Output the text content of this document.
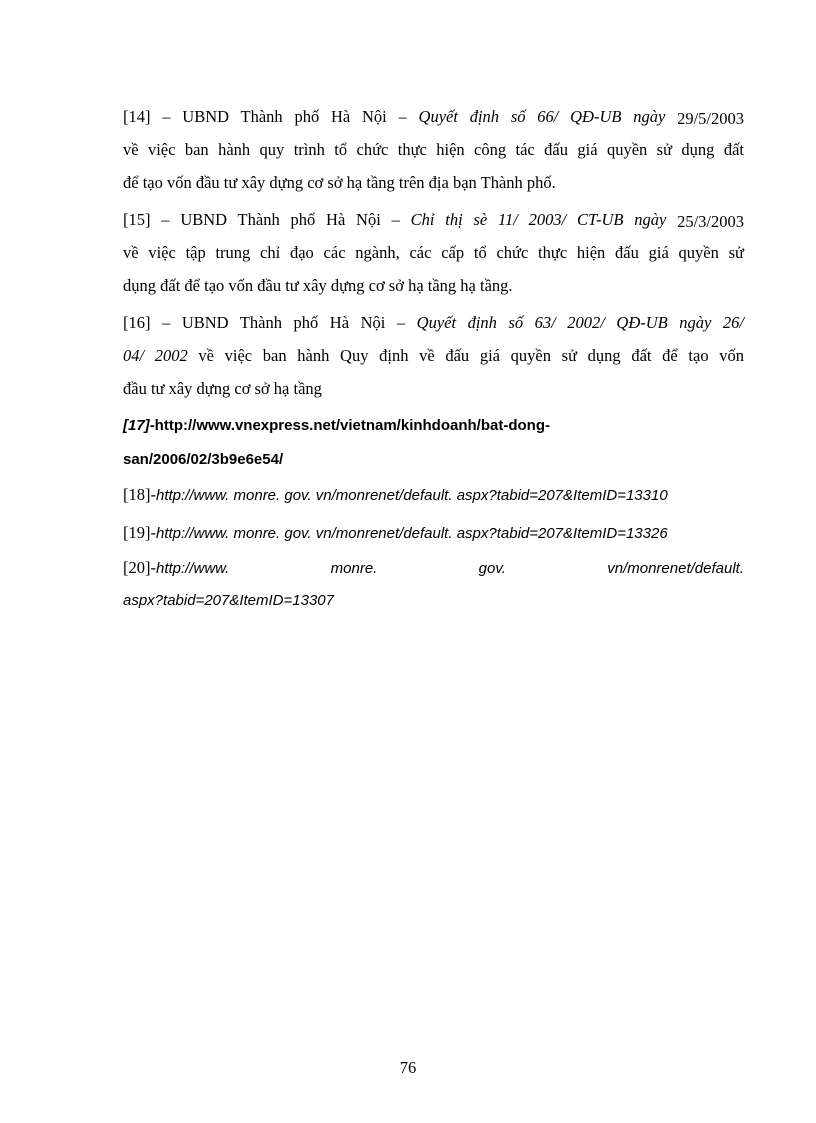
[14] – UBND Thành phố Hà Nội – Quyết định số 66/ QĐ-UB ngày 29/5/2003
về việc ban hành quy trình tổ chức thực hiện công tác đấu giá quyền sử dụng đất
để tạo vốn đầu tư xây dựng cơ sở hạ tầng trên địa bạn Thành phố.
[15] – UBND Thành phố Hà Nội – Chỉ thị sè 11/ 2003/ CT-UB ngày 25/3/2003
về việc tập trung chỉ đạo các ngành, các cấp tổ chức thực hiện đấu giá quyền sử
dụng đất để tạo vốn đầu tư xây dựng cơ sở hạ tầng hạ tầng.
[16] – UBND Thành phố Hà Nội – Quyết định số 63/ 2002/ QĐ-UB ngày 26/
04/ 2002 về việc ban hành Quy định về đấu giá quyền sử dụng đất để tạo vốn
đầu tư xây dựng cơ sở hạ tầng
[17]-http://www.vnexpress.net/vietnam/kinhdoanh/bat-dong-
san/2006/02/3b9e6e54/
[18]-http://www. monre. gov. vn/monrenet/default. aspx?tabid=207&ItemID=13310
[19]-http://www. monre. gov. vn/monrenet/default. aspx?tabid=207&ItemID=13326
[20]-http://www. monre. gov. vn/monrenet/default.
aspx?tabid=207&ItemID=13307
76
